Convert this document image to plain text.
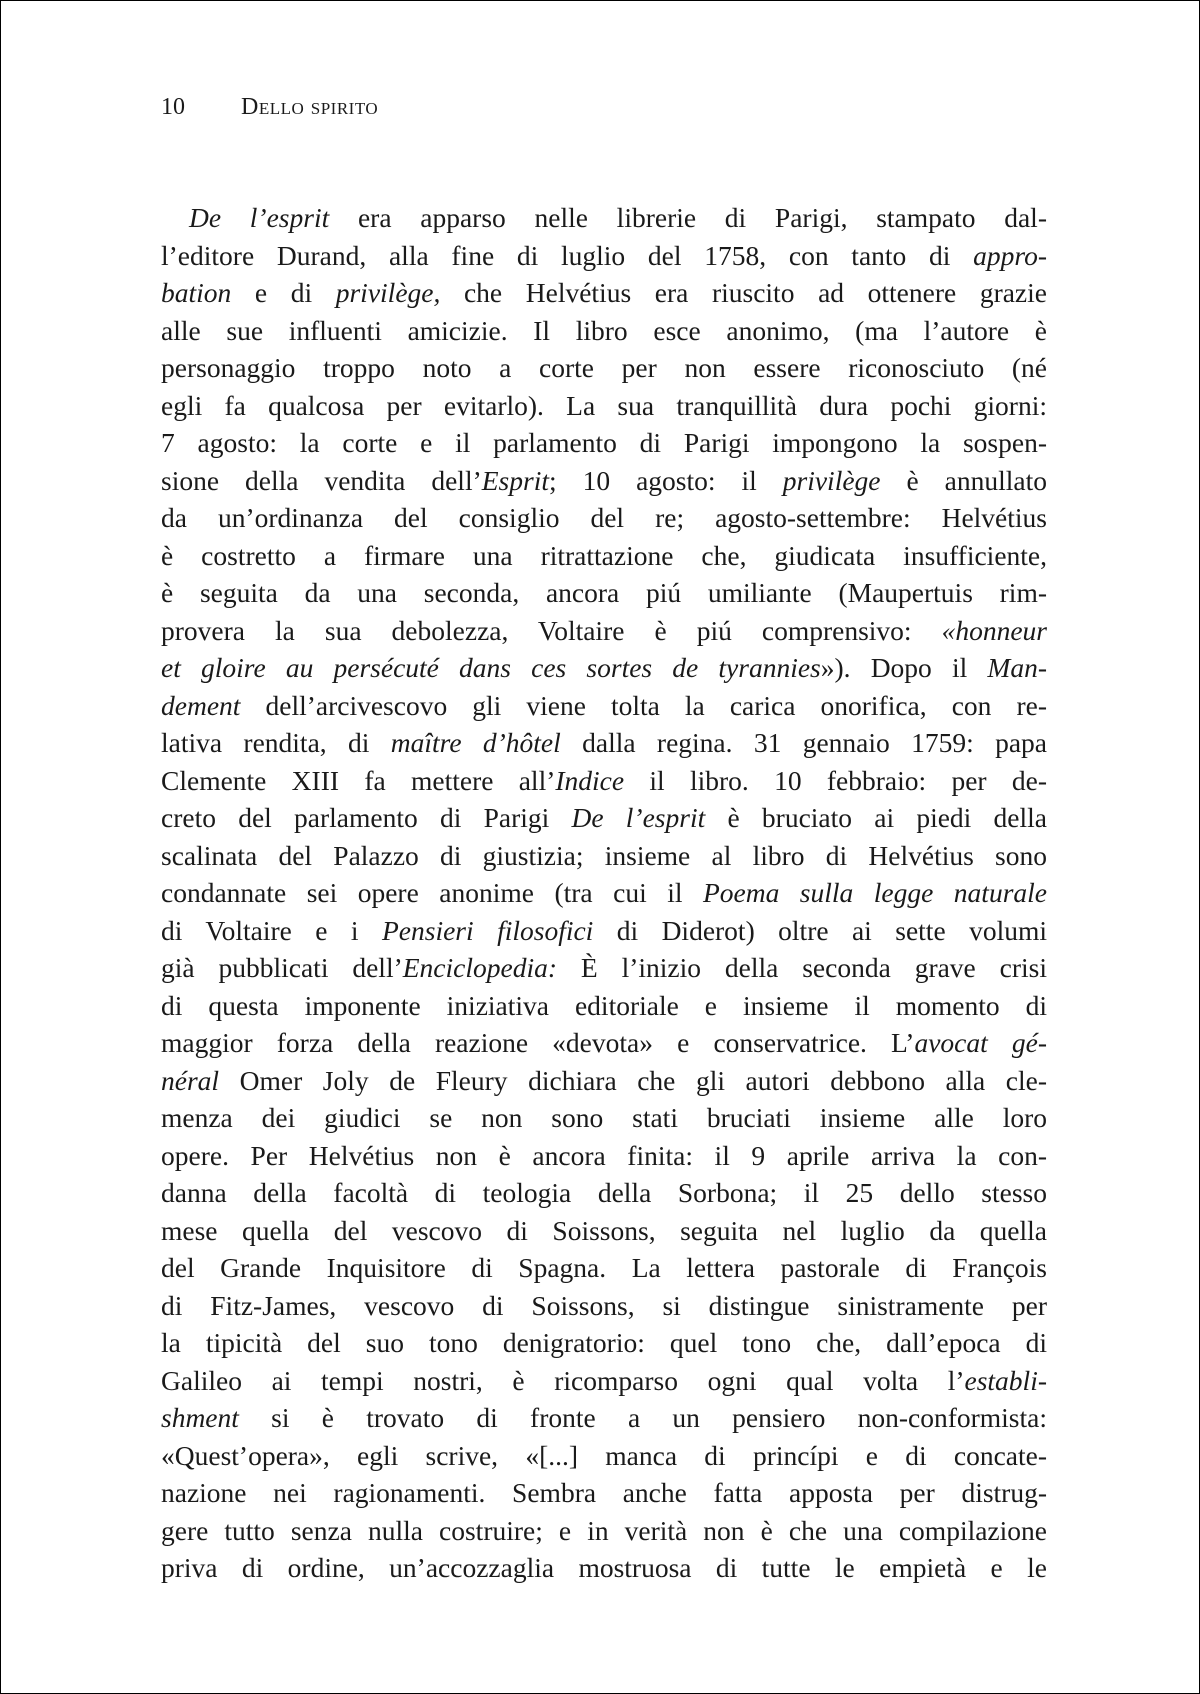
10 Dello spirito
De l’esprit era apparso nelle librerie di Parigi, stampato dal-
l’editore Durand, alla fine di luglio del 1758, con tanto di appro-
bation e di privilège, che Helvétius era riuscito ad ottenere grazie
alle sue influenti amicizie. Il libro esce anonimo, (ma l’autore è
personaggio troppo noto a corte per non essere riconosciuto (né
egli fa qualcosa per evitarlo). La sua tranquillità dura pochi giorni:
7 agosto: la corte e il parlamento di Parigi impongono la sospen-
sione della vendita dell’Esprit; 10 agosto: il privilège è annullato
da un’ordinanza del consiglio del re; agosto-settembre: Helvétius
è costretto a firmare una ritrattazione che, giudicata insufficiente,
è seguita da una seconda, ancora piú umiliante (Maupertuis rim-
provera la sua debolezza, Voltaire è piú comprensivo: «honneur
et gloire au persécuté dans ces sortes de tyrannies»). Dopo il Man-
dement dell’arcivescovo gli viene tolta la carica onorifica, con re-
lativa rendita, di maître d’hôtel dalla regina. 31 gennaio 1759: papa
Clemente XIII fa mettere all’Indice il libro. 10 febbraio: per de-
creto del parlamento di Parigi De l’esprit è bruciato ai piedi della
scalinata del Palazzo di giustizia; insieme al libro di Helvétius sono
condannate sei opere anonime (tra cui il Poema sulla legge naturale
di Voltaire e i Pensieri filosofici di Diderot) oltre ai sette volumi
già pubblicati dell’Enciclopedia: È l’inizio della seconda grave crisi
di questa imponente iniziativa editoriale e insieme il momento di
maggior forza della reazione «devota» e conservatrice. L’avocat gé-
néral Omer Joly de Fleury dichiara che gli autori debbono alla cle-
menza dei giudici se non sono stati bruciati insieme alle loro
opere. Per Helvétius non è ancora finita: il 9 aprile arriva la con-
danna della facoltà di teologia della Sorbona; il 25 dello stesso
mese quella del vescovo di Soissons, seguita nel luglio da quella
del Grande Inquisitore di Spagna. La lettera pastorale di François
di Fitz-James, vescovo di Soissons, si distingue sinistramente per
la tipicità del suo tono denigratorio: quel tono che, dall’epoca di
Galileo ai tempi nostri, è ricomparso ogni qual volta l’establi-
shment si è trovato di fronte a un pensiero non-conformista:
«Quest’opera», egli scrive, «[...] manca di princípi e di concate-
nazione nei ragionamenti. Sembra anche fatta apposta per distrug-
gere tutto senza nulla costruire; e in verità non è che una compilazione
priva di ordine, un’accozzaglia mostruosa di tutte le empietà e le
